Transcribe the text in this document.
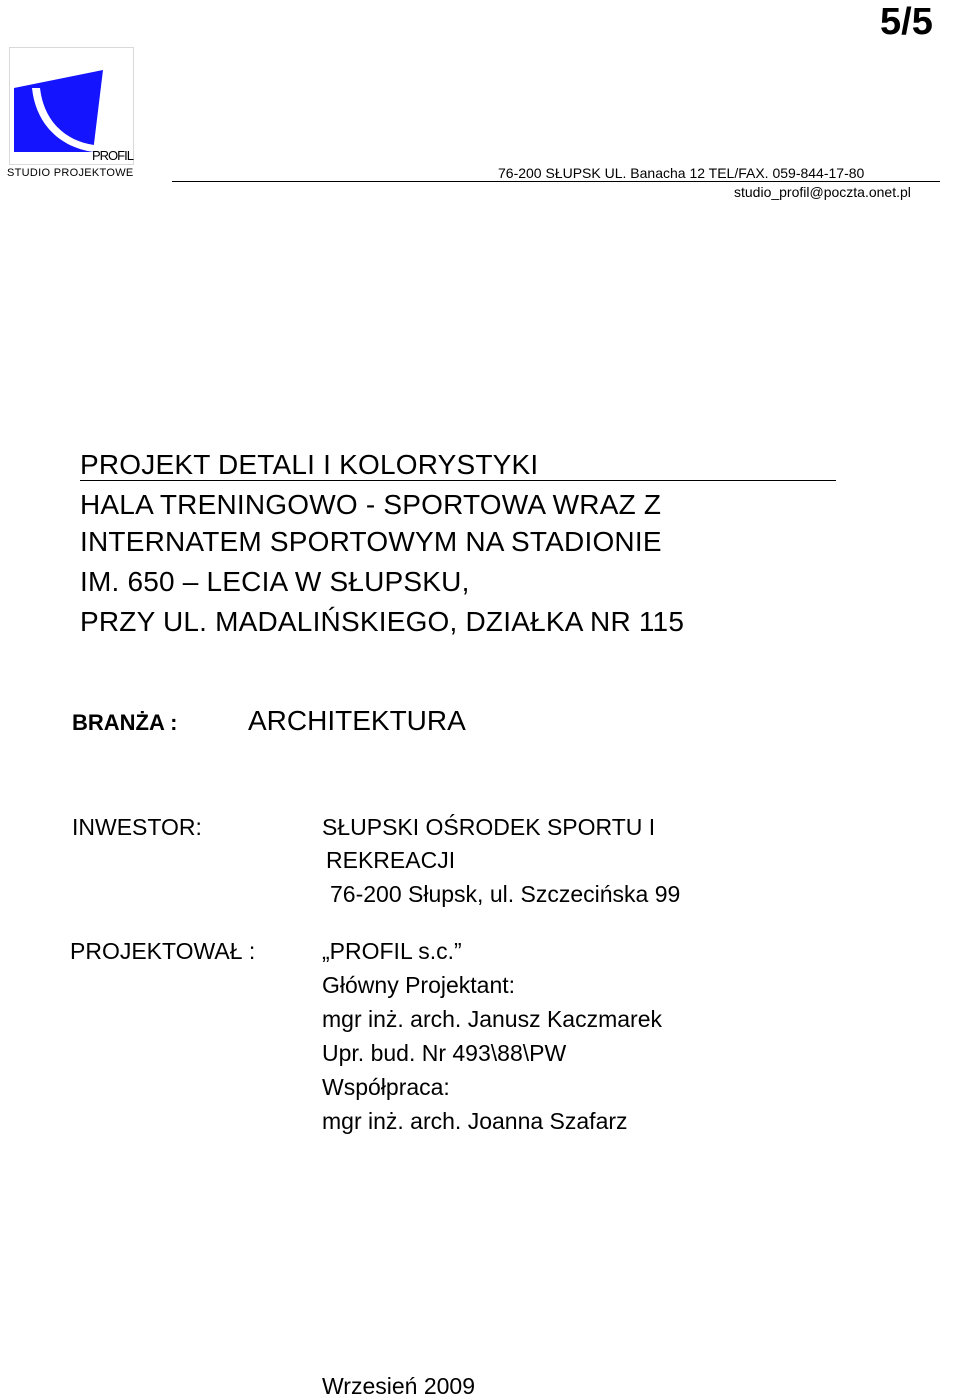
5/5
PROFIL
STUDIO PROJEKTOWE	76-200 SŁUPSK UL. Banacha 12 TEL/FAX. 059-844-17-80
studio_profil@poczta.onet.pl
PROJEKT DETALI I KOLORYSTYKI
HALA TRENINGOWO - SPORTOWA WRAZ Z
INTERNATEM SPORTOWYM NA STADIONIE
IM. 650 – LECIA W SŁUPSKU,
PRZY UL. MADALIŃSKIEGO, DZIAŁKA NR 115
BRANŻA :	ARCHITEKTURA
INWESTOR:	SŁUPSKI OŚRODEK SPORTU I
REKREACJI
76-200 Słupsk, ul. Szczecińska 99
PROJEKTOWAŁ :	„PROFIL s.c.”
Główny Projektant:
mgr inż. arch. Janusz Kaczmarek
Upr. bud. Nr 493\88\PW
Współpraca:
mgr inż. arch. Joanna Szafarz
Wrzesień 2009
